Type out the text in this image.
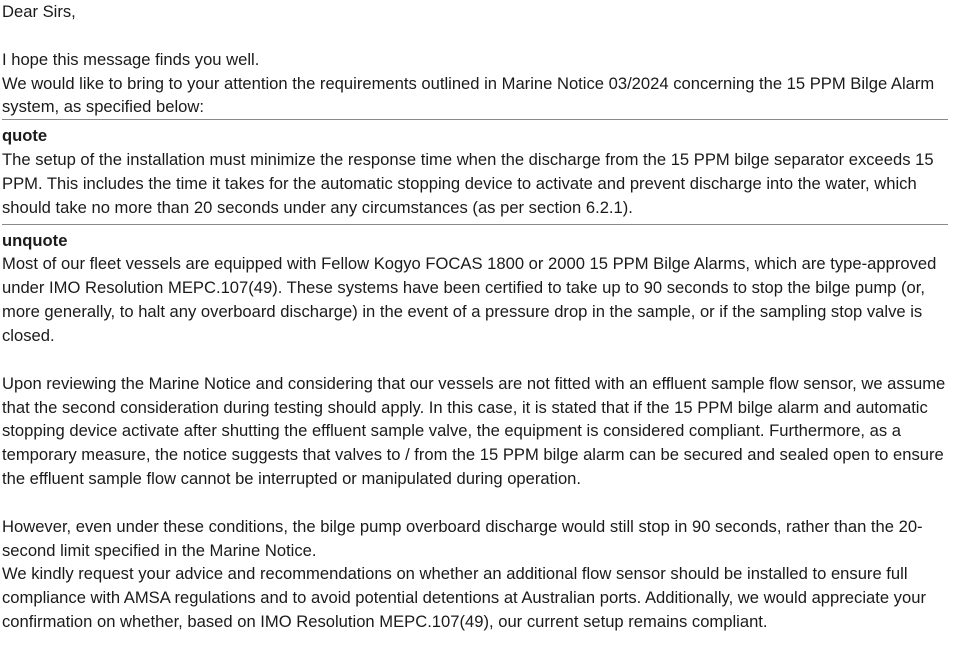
Dear Sirs,

I hope this message finds you well.

We would like to bring to your attention the requirements outlined in Marine Notice 03/2024 concerning the 15 PPM Bilge Alarm system, as specified below:

quote

The setup of the installation must minimize the response time when the discharge from the 15 PPM bilge separator exceeds 15 PPM. This includes the time it takes for the automatic stopping device to activate and prevent discharge into the water, which should take no more than 20 seconds under any circumstances (as per section 6.2.1).

unquote

Most of our fleet vessels are equipped with Fellow Kogyo FOCAS 1800 or 2000 15 PPM Bilge Alarms, which are type-approved under IMO Resolution MEPC.107(49). These systems have been certified to take up to 90 seconds to stop the bilge pump (or, more generally, to halt any overboard discharge) in the event of a pressure drop in the sample, or if the sampling stop valve is closed.

Upon reviewing the Marine Notice and considering that our vessels are not fitted with an effluent sample flow sensor, we assume that the second consideration during testing should apply. In this case, it is stated that if the 15 PPM bilge alarm and automatic stopping device activate after shutting the effluent sample valve, the equipment is considered compliant. Furthermore, as a temporary measure, the notice suggests that valves to / from the 15 PPM bilge alarm can be secured and sealed open to ensure the effluent sample flow cannot be interrupted or manipulated during operation.

However, even under these conditions, the bilge pump overboard discharge would still stop in 90 seconds, rather than the 20-second limit specified in the Marine Notice.

We kindly request your advice and recommendations on whether an additional flow sensor should be installed to ensure full compliance with AMSA regulations and to avoid potential detentions at Australian ports. Additionally, we would appreciate your confirmation on whether, based on IMO Resolution MEPC.107(49), our current setup remains compliant.
